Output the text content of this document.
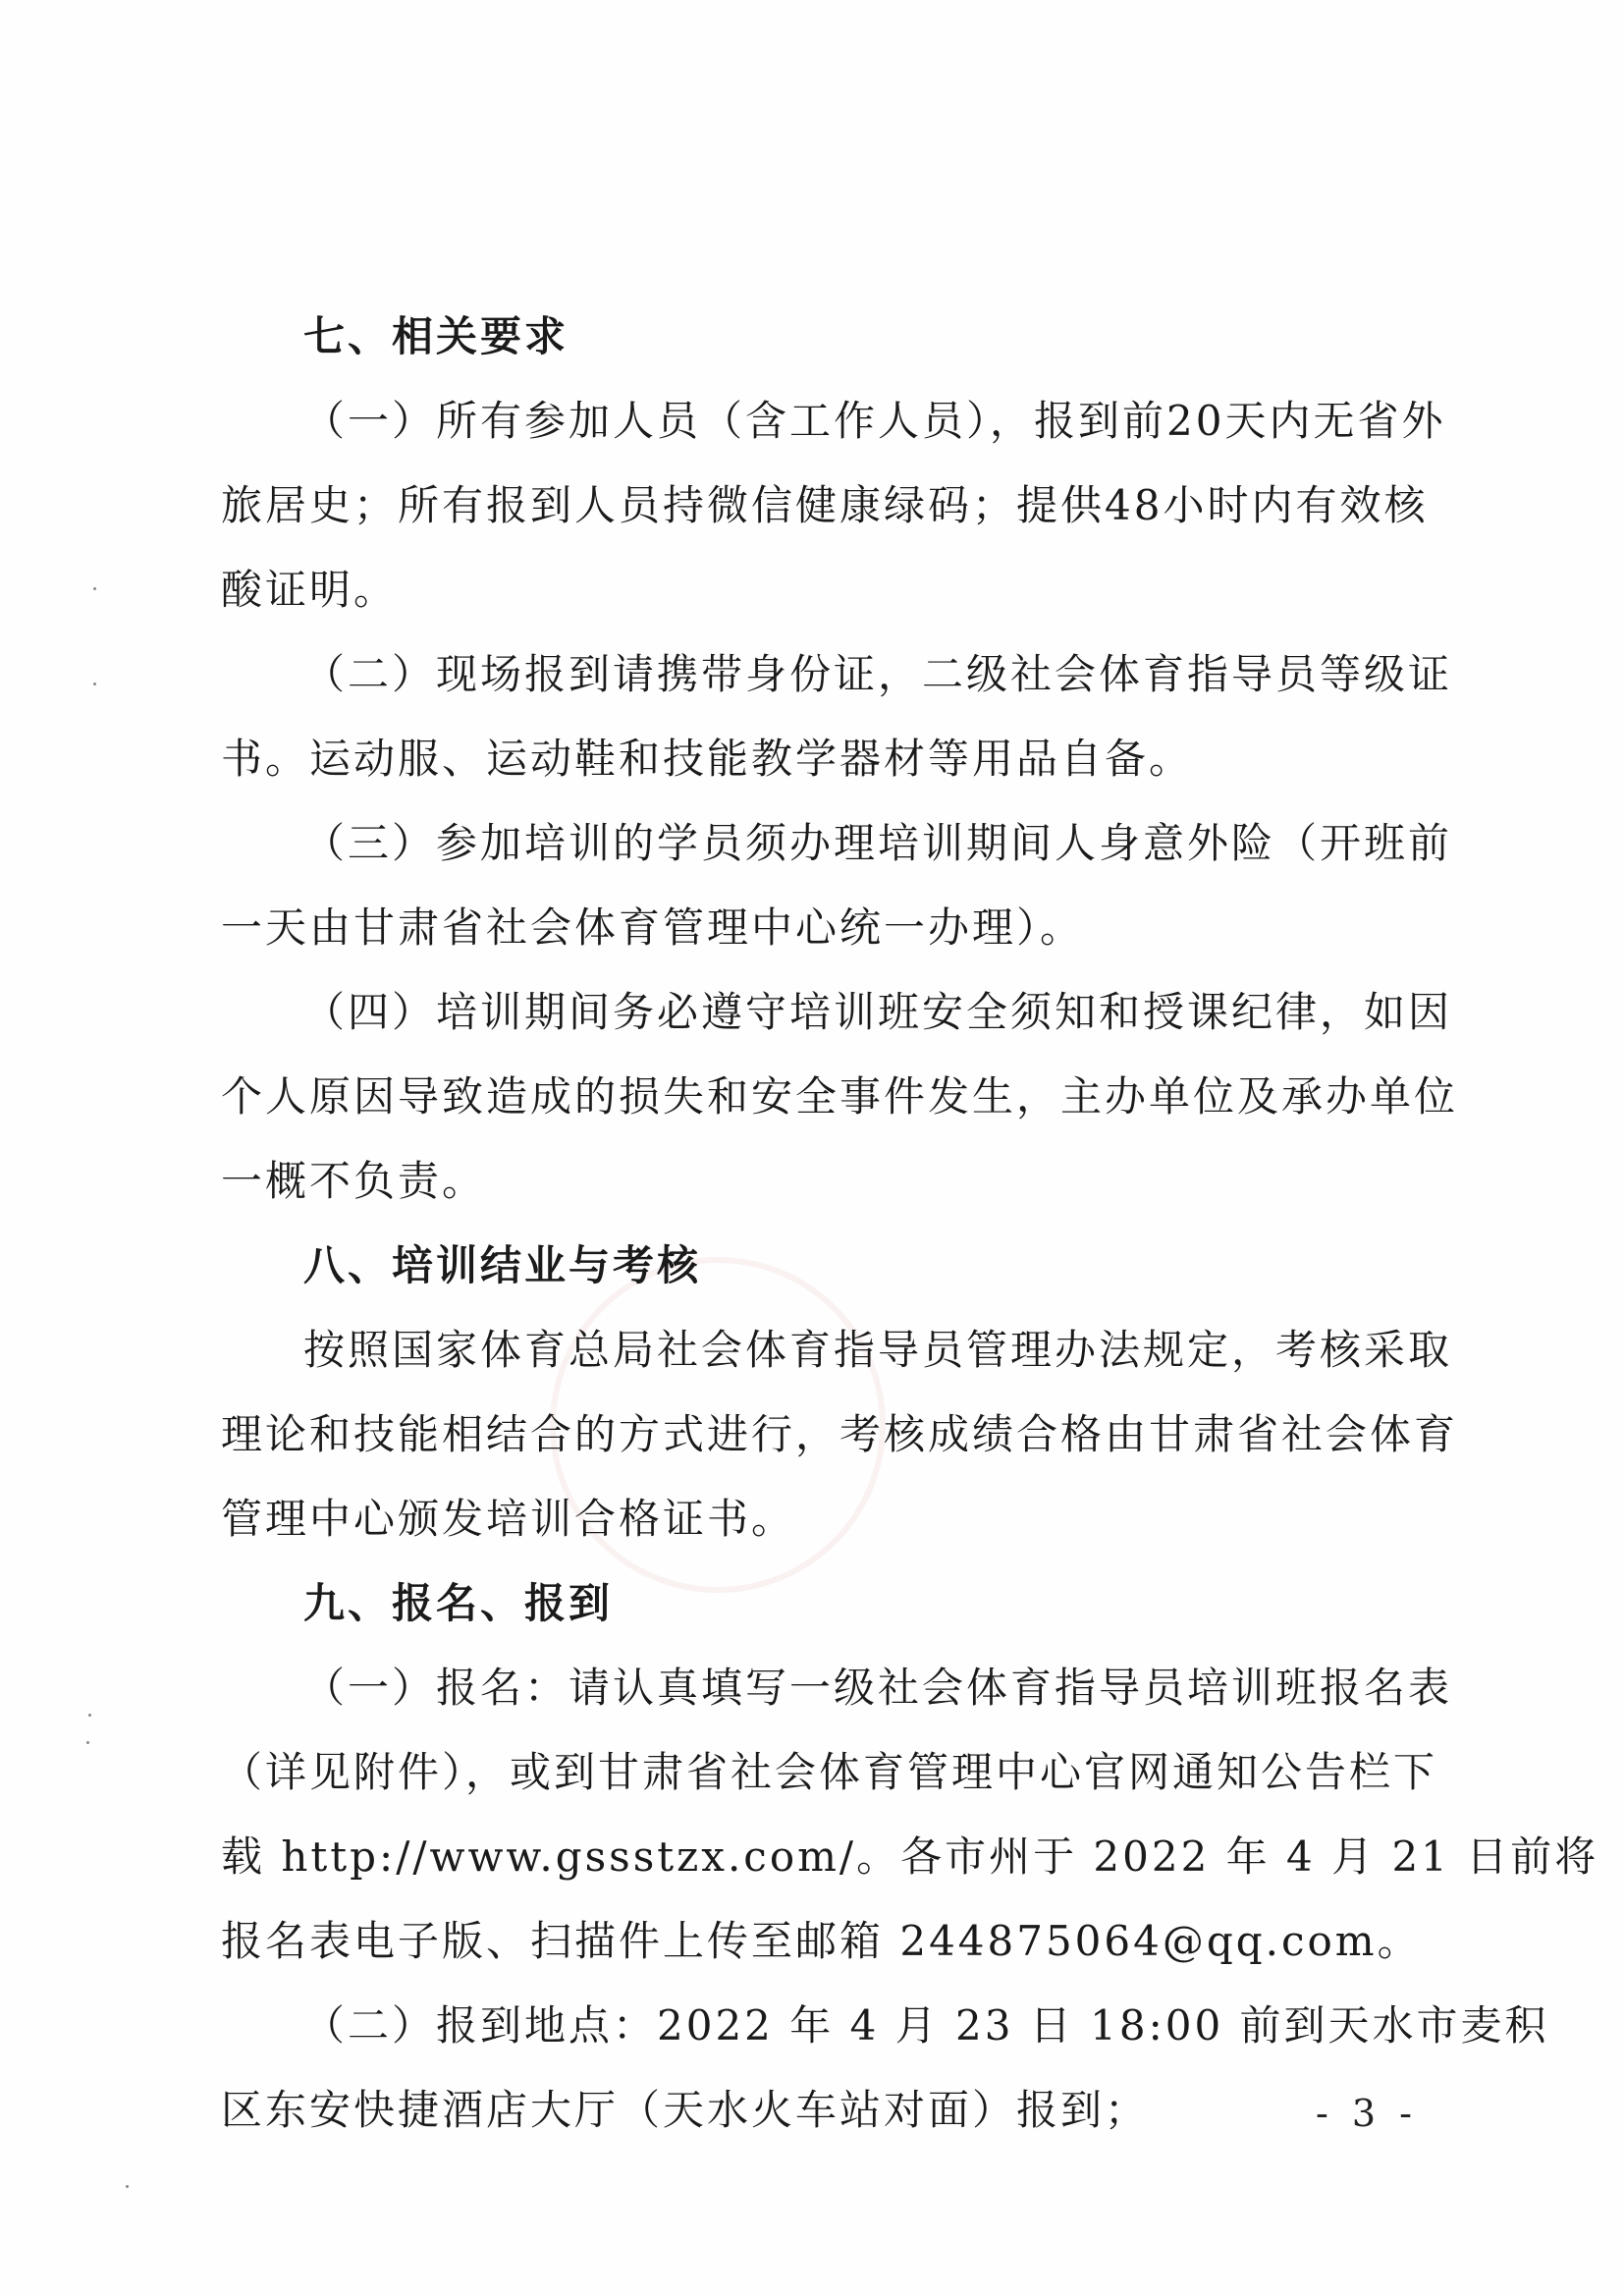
七、相关要求
（一）所有参加人员（含工作人员），报到前20天内无省外
旅居史；所有报到人员持微信健康绿码；提供48小时内有效核
酸证明。
（二）现场报到请携带身份证，二级社会体育指导员等级证
书。运动服、运动鞋和技能教学器材等用品自备。
（三）参加培训的学员须办理培训期间人身意外险（开班前
一天由甘肃省社会体育管理中心统一办理）。
（四）培训期间务必遵守培训班安全须知和授课纪律，如因
个人原因导致造成的损失和安全事件发生，主办单位及承办单位
一概不负责。
八、培训结业与考核
按照国家体育总局社会体育指导员管理办法规定，考核采取
理论和技能相结合的方式进行，考核成绩合格由甘肃省社会体育
管理中心颁发培训合格证书。
九、报名、报到
（一）报名：请认真填写一级社会体育指导员培训班报名表
（详见附件），或到甘肃省社会体育管理中心官网通知公告栏下
载 http://www.gssstzx.com/。各市州于 2022 年 4 月 21 日前将
报名表电子版、扫描件上传至邮箱 244875064@qq.com。
（二）报到地点：2022 年 4 月 23 日 18:00 前到天水市麦积
区东安快捷酒店大厅（天水火车站对面）报到；	- 3 -
